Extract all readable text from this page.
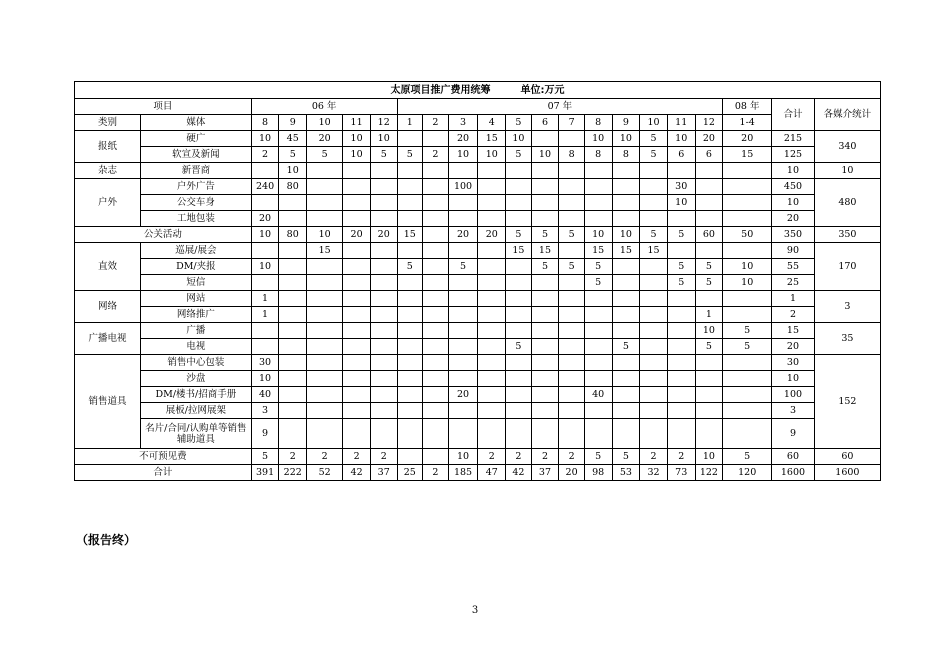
太原项目推广费用统筹 单位:万元																					
项目		06 年					07 年												08 年	合计	各媒介统计
类别	媒体	8	9	10	11	12	1	2	3	4	5	6	7	8	9	10	11	12	1-4		
报纸	硬广	10	45	20	10	10			20	15	10			10	10	5	10	20	20	215	340
	软宣及新闻	2	5	5	10	5	5	2	10	10	5	10	8	8	8	5	6	6	15	125	
杂志	新晋商		10																	10	10
户外	户外广告	240	80						100								30			450	480
	公交车身																10			10	
	工地包装	20																		20	
公关活动		10	80	10	20	20	15		20	20	5	5	5	10	10	5	5	60	50	350	350
直效	巡展/展会			15							15	15		15	15	15				90	170
	DM/夹报	10					5		5			5	5	5			5	5	10	55	
	短信													5			5	5	10	25	
网络	网站	1																		1	3
	网络推广	1																1		2	
广播电视	广播																	10	5	15	35
	电视										5				5			5	5	20	
销售道具	销售中心包装	30																		30	152
	沙盘	10																		10	
	DM/楼书/招商手册	40							20					40						100	
	展板/拉网展架	3																		3	
	名片/合同/认购单等销售辅助道具	9																		9	
不可预见费		5	2	2	2	2			10	2	2	2	2	5	5	2	2	10	5	60	60
合计		391	222	52	42	37	25	2	185	47	42	37	20	98	53	32	73	122	120	1600	1600
（报告终）
3
